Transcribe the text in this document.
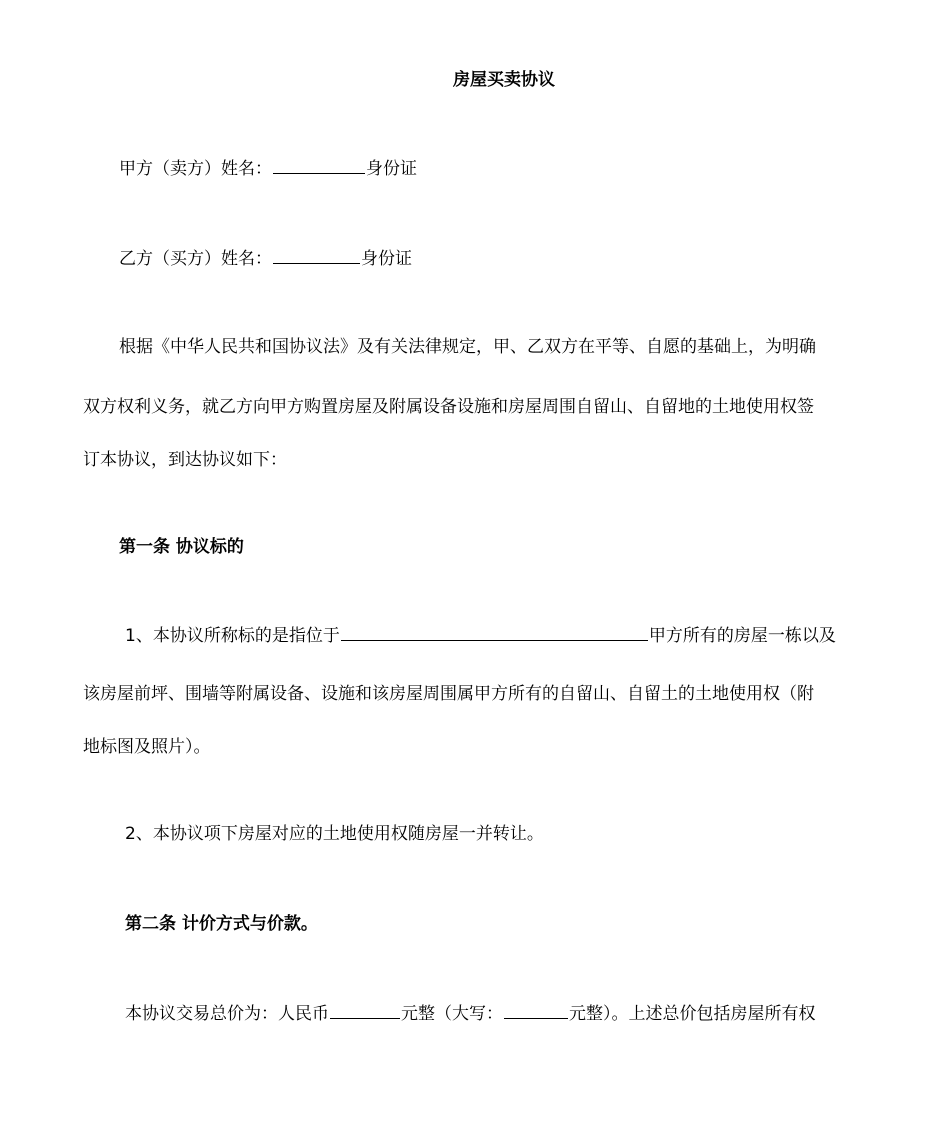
房屋买卖协议
甲方（卖方）姓名：	身份证
乙方（买方）姓名：	身份证
根据《中华人民共和国协议法》及有关法律规定，甲、乙双方在平等、自愿的基础上，为明确
双方权利义务，就乙方向甲方购置房屋及附属设备设施和房屋周围自留山、自留地的土地使用权签
订本协议，到达协议如下：
第一条 协议标的
1、本协议所称标的是指位于	甲方所有的房屋一栋以及
该房屋前坪、围墙等附属设备、设施和该房屋周围属甲方所有的自留山、自留土的土地使用权（附
地标图及照片）。
2、本协议项下房屋对应的土地使用权随房屋一并转让。
第二条 计价方式与价款。
本协议交易总价为：人民币	元整（大写：	元整）。上述总价包括房屋所有权
